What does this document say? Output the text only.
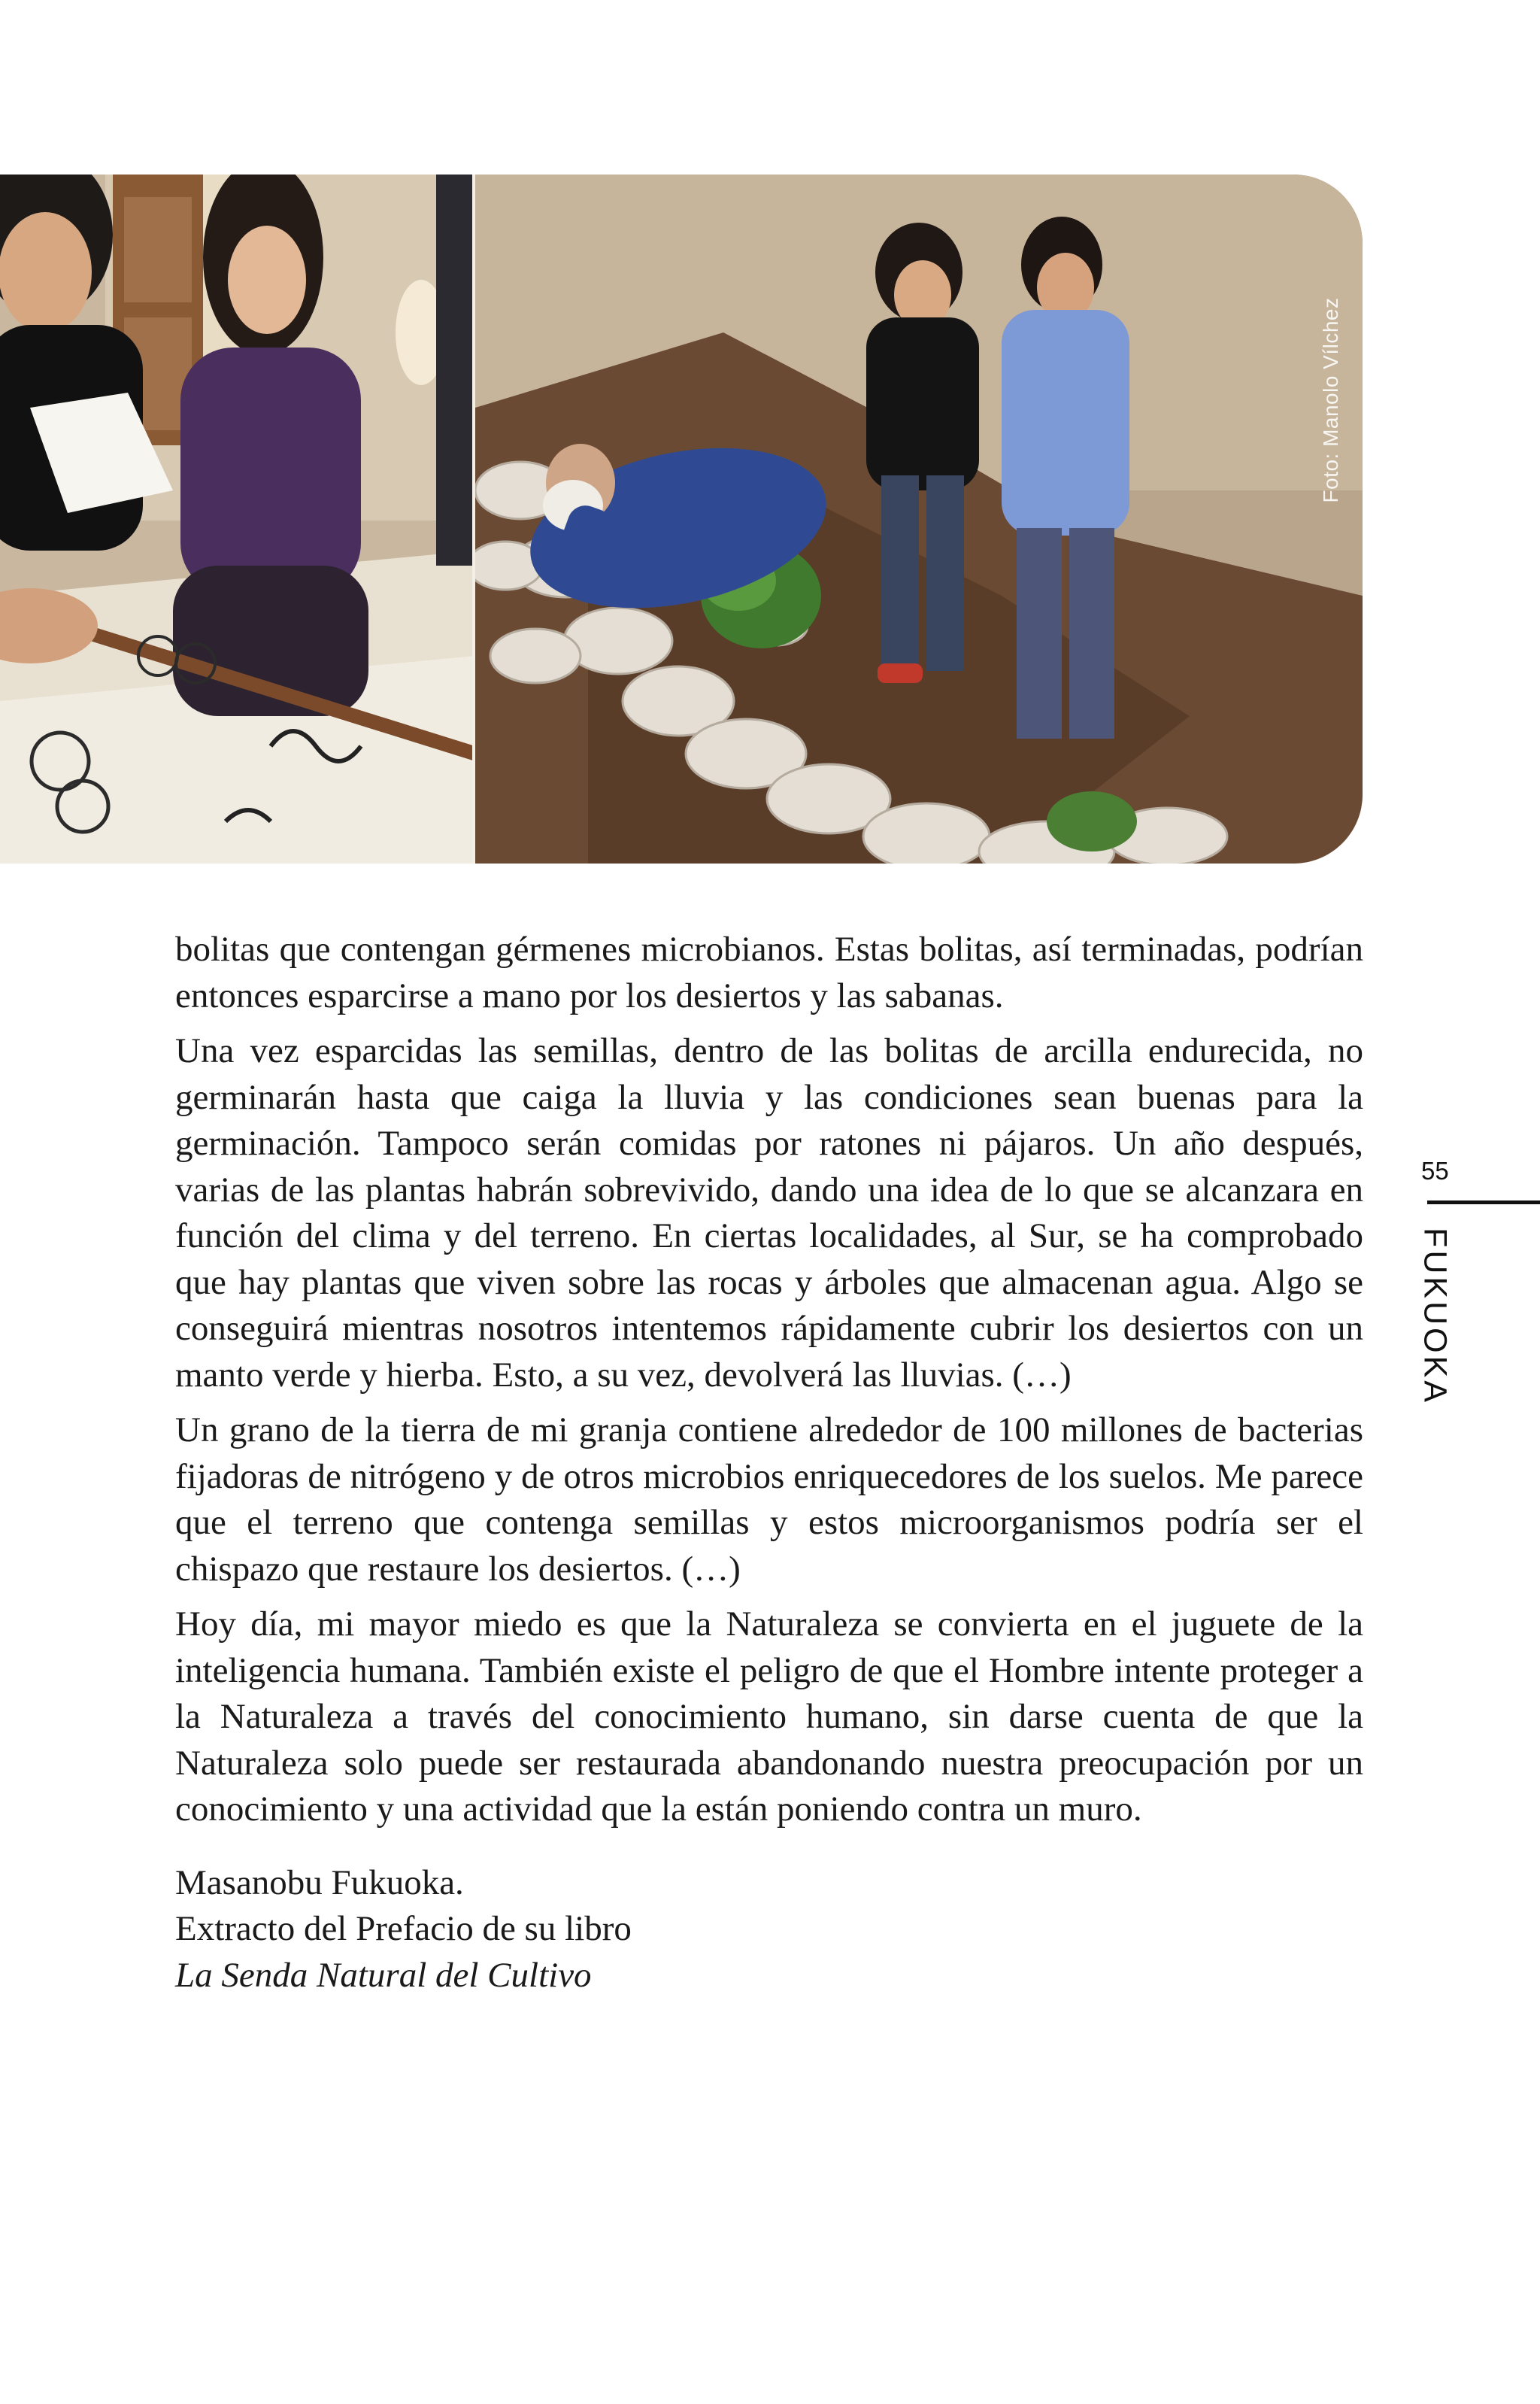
Foto: Manolo Vílchez

bolitas que contengan gérmenes microbianos. Estas bolitas, así terminadas, podrían entonces esparcirse a mano por los desiertos y las sabanas.

Una vez esparcidas las semillas, dentro de las bolitas de arcilla endurecida, no germinarán hasta que caiga la lluvia y las condiciones sean buenas para la germinación. Tampoco serán comidas por ratones ni pájaros. Un año después, varias de las plantas habrán sobrevivido, dando una idea de lo que se alcanzara en función del clima y del terreno. En ciertas localidades, al Sur, se ha comprobado que hay plantas que viven sobre las rocas y árboles que almacenan agua. Algo se conseguirá mientras nosotros intentemos rápidamente cubrir los desiertos con un manto verde y hierba. Esto, a su vez, devolverá las lluvias. (…)

Un grano de la tierra de mi granja contiene alrededor de 100 millones de bacterias fijadoras de nitrógeno y de otros microbios enriquecedores de los suelos. Me parece que el terreno que contenga semillas y estos microorganismos podría ser el chispazo que restaure los desiertos. (…)

Hoy día, mi mayor miedo es que la Naturaleza se convierta en el juguete de la inteligencia humana. También existe el peligro de que el Hombre intente proteger a la Naturaleza a través del conocimiento humano, sin darse cuenta de que la Naturaleza solo puede ser restaurada abandonando nuestra preocupación por un conocimiento y una actividad que la están poniendo contra un muro.

Masanobu Fukuoka.
Extracto del Prefacio de su libro
La Senda Natural del Cultivo
55
FUKUOKA
